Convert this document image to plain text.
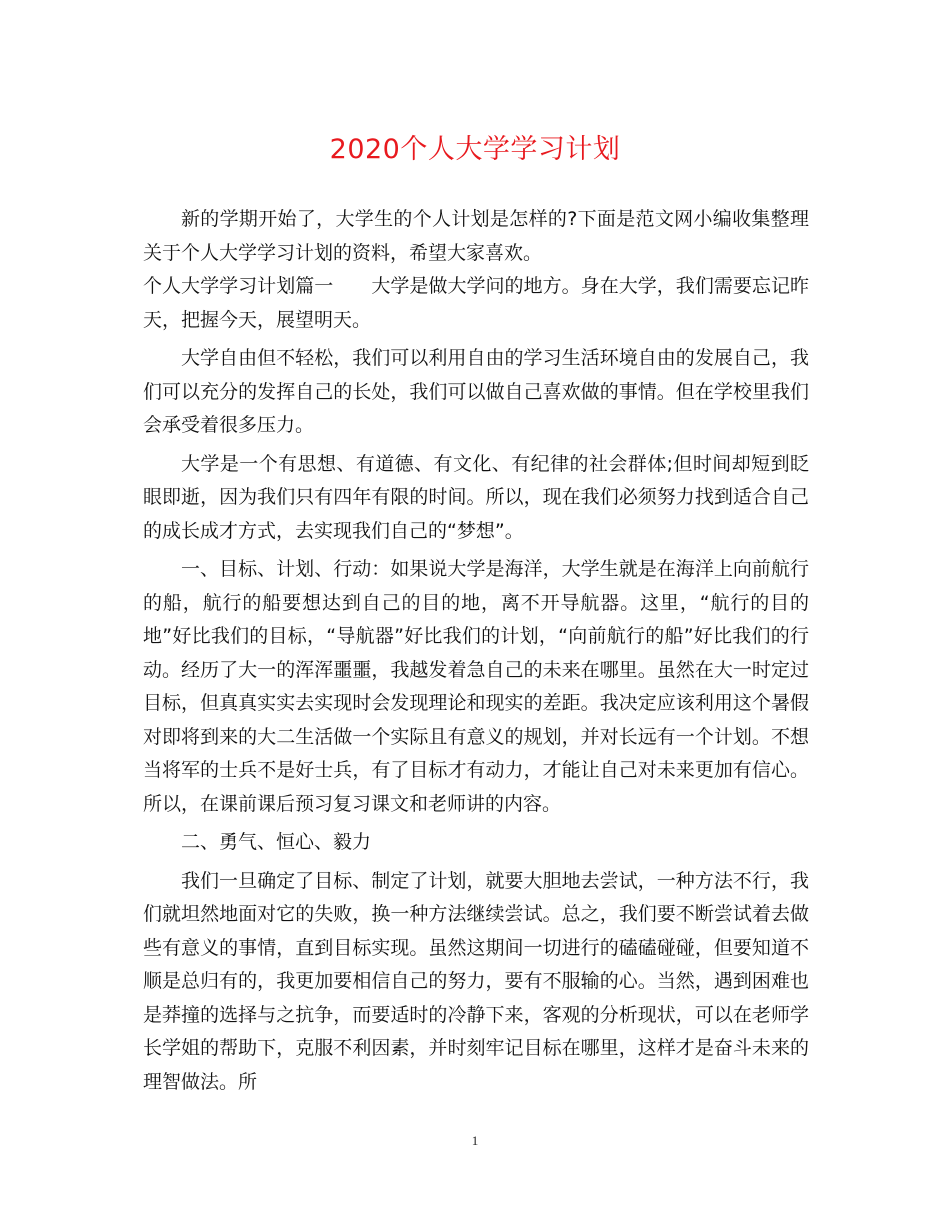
2020个人大学学习计划

新的学期开始了，大学生的个人计划是怎样的?下面是范文网小编收集整理关于个人大学学习计划的资料，希望大家喜欢。

个人大学学习计划篇一　　大学是做大学问的地方。身在大学，我们需要忘记昨天，把握今天，展望明天。

大学自由但不轻松，我们可以利用自由的学习生活环境自由的发展自己，我们可以充分的发挥自己的长处，我们可以做自己喜欢做的事情。但在学校里我们会承受着很多压力。

大学是一个有思想、有道德、有文化、有纪律的社会群体;但时间却短到眨眼即逝，因为我们只有四年有限的时间。所以，现在我们必须努力找到适合自己的成长成才方式，去实现我们自己的“梦想”。

一、目标、计划、行动：如果说大学是海洋，大学生就是在海洋上向前航行的船，航行的船要想达到自己的目的地，离不开导航器。这里，“航行的目的地”好比我们的目标，“导航器”好比我们的计划，“向前航行的船”好比我们的行动。经历了大一的浑浑噩噩，我越发着急自己的未来在哪里。虽然在大一时定过目标，但真真实实去实现时会发现理论和现实的差距。我决定应该利用这个暑假对即将到来的大二生活做一个实际且有意义的规划，并对长远有一个计划。不想当将军的士兵不是好士兵，有了目标才有动力，才能让自己对未来更加有信心。所以，在课前课后预习复习课文和老师讲的内容。

二、勇气、恒心、毅力

我们一旦确定了目标、制定了计划，就要大胆地去尝试，一种方法不行，我们就坦然地面对它的失败，换一种方法继续尝试。总之，我们要不断尝试着去做些有意义的事情，直到目标实现。虽然这期间一切进行的磕磕碰碰，但要知道不顺是总归有的，我更加要相信自己的努力，要有不服输的心。当然，遇到困难也是莽撞的选择与之抗争，而要适时的冷静下来，客观的分析现状，可以在老师学长学姐的帮助下，克服不利因素，并时刻牢记目标在哪里，这样才是奋斗未来的理智做法。所

1
